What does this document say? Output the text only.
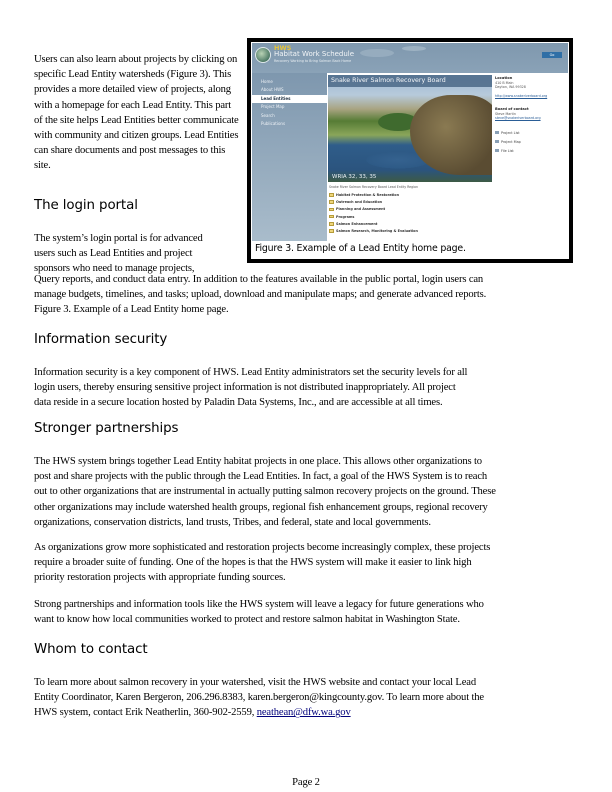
Users can also learn about projects by clicking on specific Lead Entity watersheds (Figure 3). This provides a more detailed view of projects, along with a homepage for each Lead Entity. This part of the site helps Lead Entities better communicate with community and citizen groups. Lead Entities can share documents and post messages to this site.
HWS
Habitat Work Schedule
Recovery Working to Bring Salmon Back Home
Go
Home
About HWS
Lead Entities
Project Map
Search
Publications
Snake River Salmon Recovery Board
WRIA 32, 33, 35
Snake River Salmon Recovery Board Lead Entity Region
Habitat Protection & Restoration
Outreach and Education
Planning and Assessment
Programs
Salmon Enhancement
Salmon Research, Monitoring & Evaluation
Location
410 B Main
Dayton, WA 99328
http://www.snakeriverboard.org
Board of contact
Steve Martin
steve@snakeriverboard.org
Project List
Project Map
File List
Figure 3. Example of a Lead Entity home page.
The login portal
The system’s login portal is for advanced
users such as Lead Entities and project
sponsors who need to manage projects,
Query reports, and conduct data entry. In addition to the features available in the public portal, login users can
manage budgets, timelines, and tasks; upload, download and manipulate maps; and generate advanced reports.
Figure 3. Example of a Lead Entity home page.
Information security
Information security is a key component of HWS. Lead Entity administrators set the security levels for all
login users, thereby ensuring sensitive project information is not distributed inappropriately. All project
data reside in a secure location hosted by Paladin Data Systems, Inc., and are accessible at all times.
Stronger partnerships
The HWS system brings together Lead Entity habitat projects in one place. This allows other organizations to
post and share projects with the public through the Lead Entities. In fact, a goal of the HWS System is to reach
out to other organizations that are instrumental in actually putting salmon recovery projects on the ground. These
other organizations may include watershed health groups, regional fish enhancement groups, regional recovery
organizations, conservation districts, land trusts, Tribes, and federal, state and local governments.
As organizations grow more sophisticated and restoration projects become increasingly complex, these projects
require a broader suite of funding. One of the hopes is that the HWS system will make it easier to link high
priority restoration projects with appropriate funding sources.
Strong partnerships and information tools like the HWS system will leave a legacy for future generations who
want to know how local communities worked to protect and restore salmon habitat in Washington State.
Whom to contact
To learn more about salmon recovery in your watershed, visit the HWS website and contact your local Lead
Entity Coordinator, Karen Bergeron, 206.296.8383, karen.bergeron@kingcounty.gov. To learn more about the
HWS system, contact Erik Neatherlin, 360-902-2559, neathean@dfw.wa.gov
Page 2
